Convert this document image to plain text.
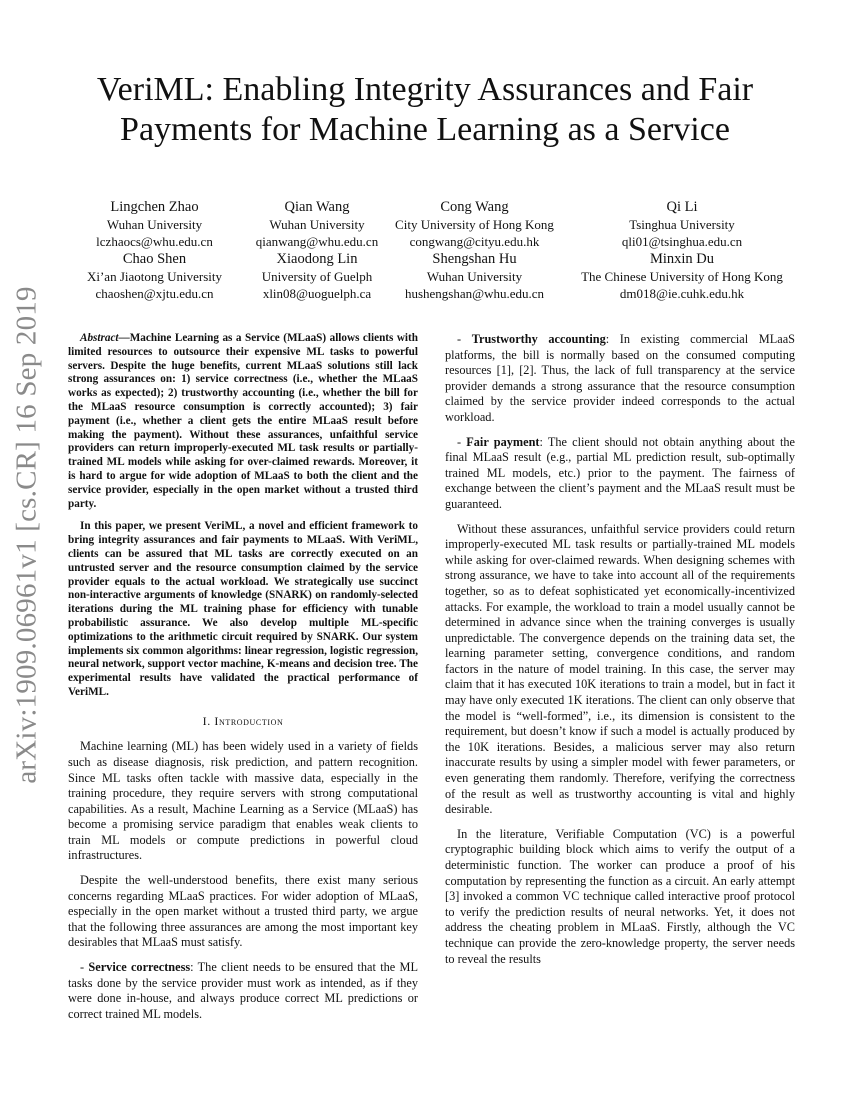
arXiv:1909.06961v1 [cs.CR] 16 Sep 2019
VeriML: Enabling Integrity Assurances and Fair
Payments for Machine Learning as a Service
Lingchen Zhao
Wuhan University
lczhaocs@whu.edu.cn
Qian Wang
Wuhan University
qianwang@whu.edu.cn
Cong Wang
City University of Hong Kong
congwang@cityu.edu.hk
Qi Li
Tsinghua University
qli01@tsinghua.edu.cn
Chao Shen
Xi’an Jiaotong University
chaoshen@xjtu.edu.cn
Xiaodong Lin
University of Guelph
xlin08@uoguelph.ca
Shengshan Hu
Wuhan University
hushengshan@whu.edu.cn
Minxin Du
The Chinese University of Hong Kong
dm018@ie.cuhk.edu.hk

Abstract—Machine Learning as a Service (MLaaS) allows clients with limited resources to outsource their expensive ML tasks to powerful servers. Despite the huge benefits, current MLaaS solutions still lack strong assurances on: 1) service correctness (i.e., whether the MLaaS works as expected); 2) trustworthy accounting (i.e., whether the bill for the MLaaS resource consumption is correctly accounted); 3) fair payment (i.e., whether a client gets the entire MLaaS result before making the payment). Without these assurances, unfaithful service providers can return improperly-executed ML task results or partially-trained ML models while asking for over-claimed rewards. Moreover, it is hard to argue for wide adoption of MLaaS to both the client and the service provider, especially in the open market without a trusted third party.

In this paper, we present VeriML, a novel and efficient framework to bring integrity assurances and fair payments to MLaaS. With VeriML, clients can be assured that ML tasks are correctly executed on an untrusted server and the resource consumption claimed by the service provider equals to the actual workload. We strategically use succinct non-interactive arguments of knowledge (SNARK) on randomly-selected iterations during the ML training phase for efficiency with tunable probabilistic assurance. We also develop multiple ML-specific optimizations to the arithmetic circuit required by SNARK. Our system implements six common algorithms: linear regression, logistic regression, neural network, support vector machine, K-means and decision tree. The experimental results have validated the practical performance of VeriML.

I. Introduction

Machine learning (ML) has been widely used in a variety of fields such as disease diagnosis, risk prediction, and pattern recognition. Since ML tasks often tackle with massive data, especially in the training procedure, they require servers with strong computational capabilities. As a result, Machine Learning as a Service (MLaaS) has become a promising service paradigm that enables weak clients to train ML models or compute predictions in powerful cloud infrastructures.

Despite the well-understood benefits, there exist many serious concerns regarding MLaaS practices. For wider adoption of MLaaS, especially in the open market without a trusted third party, we argue that the following three assurances are among the most important key desirables that MLaaS must satisfy.

- Service correctness: The client needs to be ensured that the ML tasks done by the service provider must work as intended, as if they were done in-house, and always produce correct ML predictions or correct trained ML models.

- Trustworthy accounting: In existing commercial MLaaS platforms, the bill is normally based on the consumed computing resources [1], [2]. Thus, the lack of full transparency at the service provider demands a strong assurance that the resource consumption claimed by the service provider indeed corresponds to the actual workload.

- Fair payment: The client should not obtain anything about the final MLaaS result (e.g., partial ML prediction result, sub-optimally trained ML models, etc.) prior to the payment. The fairness of exchange between the client’s payment and the MLaaS result must be guaranteed.

Without these assurances, unfaithful service providers could return improperly-executed ML task results or partially-trained ML models while asking for over-claimed rewards. When designing schemes with strong assurance, we have to take into account all of the requirements together, so as to defeat sophisticated yet economically-incentivized attacks. For example, the workload to train a model usually cannot be determined in advance since when the training converges is usually unpredictable. The convergence depends on the training data set, the learning parameter setting, convergence conditions, and random factors in the nature of model training. In this case, the server may claim that it has executed 10K iterations to train a model, but in fact it may have only executed 1K iterations. The client can only observe that the model is “well-formed”, i.e., its dimension is consistent to the requirement, but doesn’t know if such a model is actually produced by the 10K iterations. Besides, a malicious server may also return inaccurate results by using a simpler model with fewer parameters, or even generating them randomly. Therefore, verifying the correctness of the result as well as trustworthy accounting is vital and highly desirable.

In the literature, Verifiable Computation (VC) is a powerful cryptographic building block which aims to verify the output of a deterministic function. The worker can produce a proof of his computation by representing the function as a circuit. An early attempt [3] invoked a common VC technique called interactive proof protocol to verify the prediction results of neural networks. Yet, it does not address the cheating problem in MLaaS. Firstly, although the VC technique can provide the zero-knowledge property, the server needs to reveal the results
